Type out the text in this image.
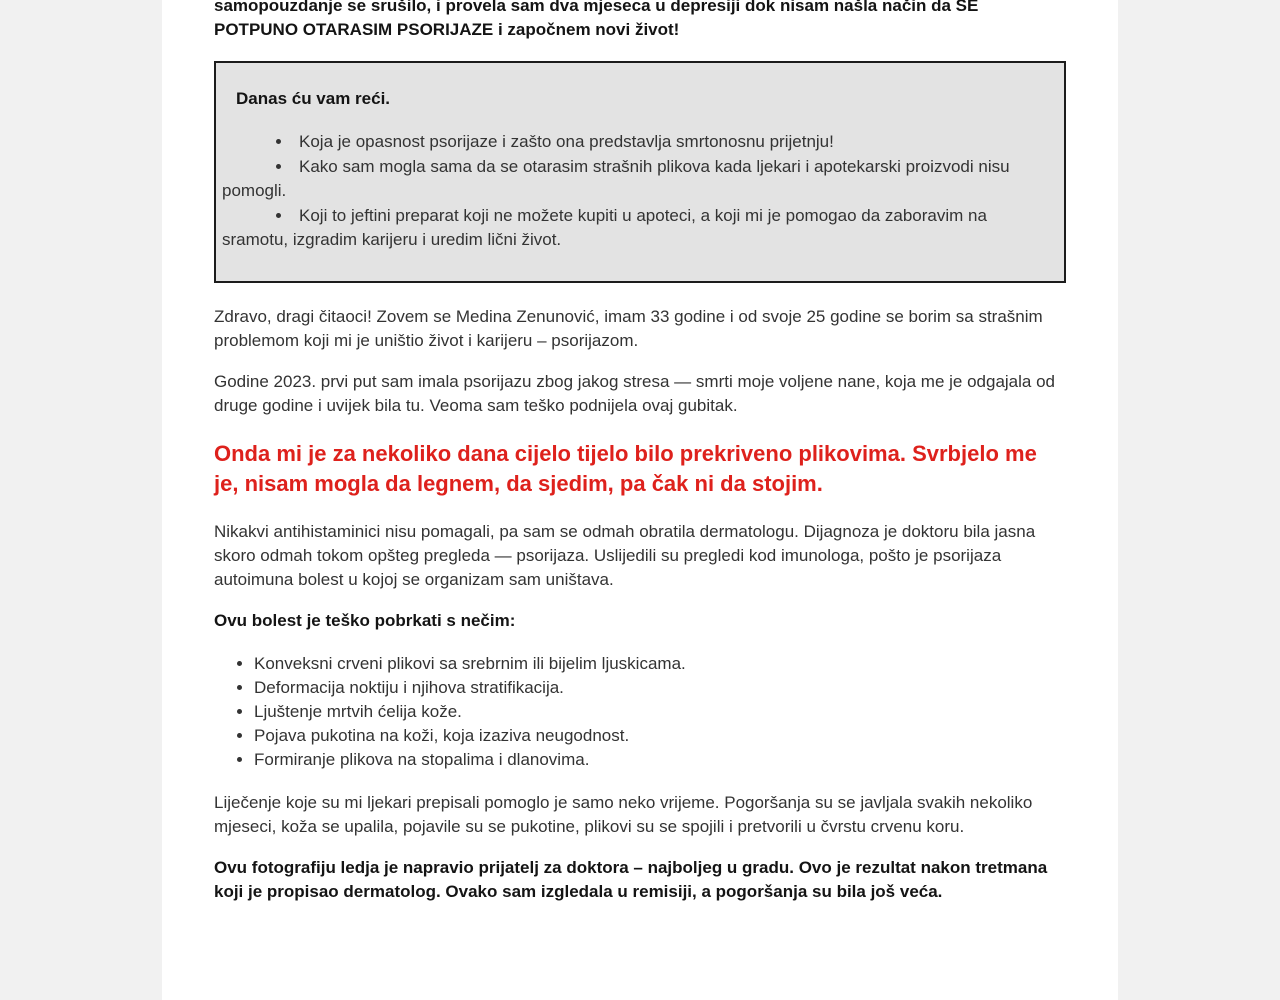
samopouzdanje se srušilo, i provela sam dva mjeseca u depresiji dok nisam našla način da SE POTPUNO OTARASIM PSORIJAZE i započnem novi život!

Danas ću vam reći.

• Koja je opasnost psorijaze i zašto ona predstavlja smrtonosnu prijetnju!
• Kako sam mogla sama da se otarasim strašnih plikova kada ljekari i apotekarski proizvodi nisu pomogli.
• Koji to jeftini preparat koji ne možete kupiti u apoteci, a koji mi je pomogao da zaboravim na sramotu, izgradim karijeru i uredim lični život.

Zdravo, dragi čitaoci! Zovem se Medina Zenunović, imam 33 godine i od svoje 25 godine se borim sa strašnim problemom koji mi je uništio život i karijeru – psorijazom.

Godine 2023. prvi put sam imala psorijazu zbog jakog stresa — smrti moje voljene nane, koja me je odgajala od druge godine i uvijek bila tu. Veoma sam teško podnijela ovaj gubitak.

Onda mi je za nekoliko dana cijelo tijelo bilo prekriveno plikovima. Svrbjelo me je, nisam mogla da legnem, da sjedim, pa čak ni da stojim.

Nikakvi antihistaminici nisu pomagali, pa sam se odmah obratila dermatologu. Dijagnoza je doktoru bila jasna skoro odmah tokom opšteg pregleda — psorijaza. Uslijedili su pregledi kod imunologa, pošto je psorijaza autoimuna bolest u kojoj se organizam sam uništava.

Ovu bolest je teško pobrkati s nečim:

• Konveksni crveni plikovi sa srebrnim ili bijelim ljuskicama.
• Deformacija noktiju i njihova stratifikacija.
• Ljuštenje mrtvih ćelija kože.
• Pojava pukotina na koži, koja izaziva neugodnost.
• Formiranje plikova na stopalima i dlanovima.

Liječenje koje su mi ljekari prepisali pomoglo je samo neko vrijeme. Pogoršanja su se javljala svakih nekoliko mjeseci, koža se upalila, pojavile su se pukotine, plikovi su se spojili i pretvorili u čvrstu crvenu koru.

Ovu fotografiju ledja je napravio prijatelj za doktora – najboljeg u gradu. Ovo je rezultat nakon tretmana koji je propisao dermatolog. Ovako sam izgledala u remisiji, a pogoršanja su bila još veća.
